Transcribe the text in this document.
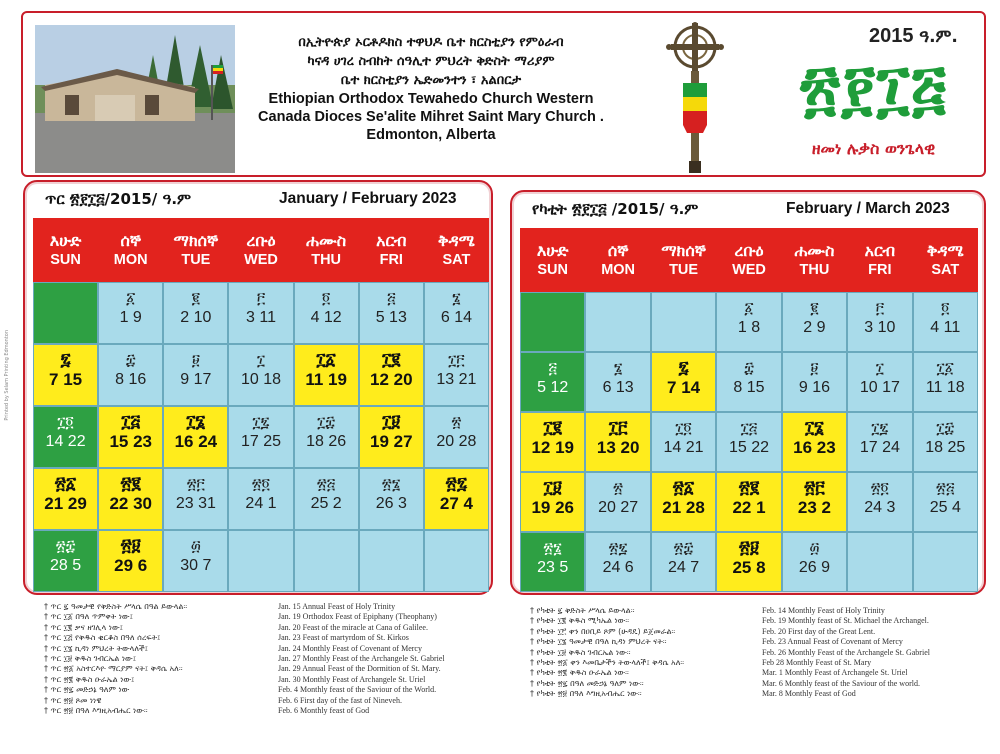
በኢትዮጵያ ኦርቶዶክስ ተዋህዶ ቤተ ክርስቲያን የምዕራብ
ካናዳ ሀገረ ስብከት ሰዓሊተ ምህረት ቅድስት ማሪያም
ቤተ ክርስቲያን ኤድመንተን ፣ አልበርታ
Ethiopian Orthodox Tewahedo Church Western
Canada Dioces Se'alite Mihret Saint Mary Church .
Edmonton, Alberta
2015 ዓ.ም.
፳፻፲፭
ዘመነ ሉቃስ ወንጌላዊ
Printed by Selam Printing Edmonton
ጥር ፳፻፲፭/2015/ ዓ.ም	January / February 2023
እሁድ
SUN
ሰኞ
MON
ማክሰኞ
TUE
ረቡዕ
WED
ሐሙስ
THU
አርብ
FRI
ቅዳሜ
SAT
፩
1 9
፪
2 10
፫
3 11
፬
4 12
፭
5 13
፮
6 14
፯
7 15
፰
8 16
፱
9 17
፲
10 18
፲፩
11 19
፲፪
12 20
፲፫
13 21
፲፬
14 22
፲፭
15 23
፲፮
16 24
፲፯
17 25
፲፰
18 26
፲፱
19 27
፳
20 28
፳፩
21 29
፳፪
22 30
፳፫
23 31
፳፬
24 1
፳፭
25 2
፳፮
26 3
፳፯
27 4
፳፰
28 5
፳፱
29 6
፴
30 7
የካቲት ፳፻፲፭ /2015/ ዓ.ም	February / March 2023
እሁድ
SUN
ሰኞ
MON
ማክሰኞ
TUE
ረቡዕ
WED
ሐሙስ
THU
አርብ
FRI
ቅዳሜ
SAT
፩
1 8
፪
2 9
፫
3 10
፬
4 11
፭
5 12
፮
6 13
፯
7 14
፰
8 15
፱
9 16
፲
10 17
፲፩
11 18
፲፪
12 19
፲፫
13 20
፲፬
14 21
፲፭
15 22
፲፮
16 23
፲፯
17 24
፲፰
18 25
፲፱
19 26
፳
20 27
፳፩
21 28
፳፪
22 1
፳፫
23 2
፳፬
24 3
፳፭
25 4
፳፮
23 5
፳፯
24 6
፳፰
24 7
፳፱
25 8
፴
26 9
† ጥር ፯ ዓመታዊ የቅድስት ሥላሴ በዓል ይውላል።
† ጥር ፲፩ በዓለ ጥምቀት ነው፤
† ጥር ፲፪ ቃና ዘገሊላ ነው፤
† ጥር ፲፭ የቅዱስ ቂርቆስ በዓለ ሰረፍት፤
† ጥር ፲፮ ኪዳነ ምህረት ትውላለች፤
† ጥር ፲፱ ቅዱስ ገብርኤል ነው፤
† ጥር ፳፩ አስተርእዮ ማርያም ናት፤ ቅዳሴ አለ።
† ጥር ፳፪ ቅዱስ ዑራኤል ነው፤
† ጥር ፳፯ መድኃኔ ዓለም ነው
† ጥር ፳፱ ጾመ ነነዌ
† ጥር ፳፱ በዓለ እግዚአብሔር ነው።
Jan. 15 Annual Feast of Holy Trinity
Jan. 19 Orthodox Feast of Epiphany (Theophany)
Jan. 20 Feast of the miracle at Cana of Galilee.
Jan. 23 Feast of martyrdom of St. Kirkos
Jan. 24 Monthly Feast of Covenant of Mercy
Jan. 27 Monthly Feast of the Archangele St. Gabriel
Jan. 29 Annual Feast of the Dormition of St. Mary.
Jan. 30 Monthly Feast of Archangele St. Uriel
Feb. 4 Monthly feast of the Saviour of the World.
Feb. 6 First day of the fast of Nineveh.
Feb. 6 Monthly feast of God
† የካቲት ፯ ቅድስት ሥላሴ ይውላል።
† የካቲት ፲፪ ቅዱስ ሚካኤል ነው።
† የካቲት ፲፫ ቀን በዐቢይ ጾም (ሁዳዴ) ይጀመራል።
† የካቲት ፲፮ ዓመታዊ በዓለ ኪዳነ ምህረት ናት።
† የካቲት ፲፱ ቅዱስ ገብርኤል ነው።
† የካቲት ፳፩ ቀን እመቤታችን ትውላለች፤ ቅዳሴ አለ።
† የካቲት ፳፪ ቅዱስ ዑራኤል ነው።
† የካቲት ፳፯ በዓለ መድኃኔ ዓለም ነው።
† የካቲት ፳፱ በዓለ እግዚአብሔር ነው።
Feb. 14 Monthly Feast of Holy Trinity
Feb. 19 Monthly feast of St. Michael the Archangel.
Feb. 20 First day of the Great Lent.
Feb. 23 Annual Feast of Covenant of Mercy
Feb. 26 Monthly Feast of the Archangele St. Gabriel
Feb 28 Monthly Feast of St. Mary
Mar. 1 Monthly Feast of Archangele St. Uriel
Mar. 6 Monthly feast of the Saviour of the world.
Mar. 8 Monthly Feast of God
